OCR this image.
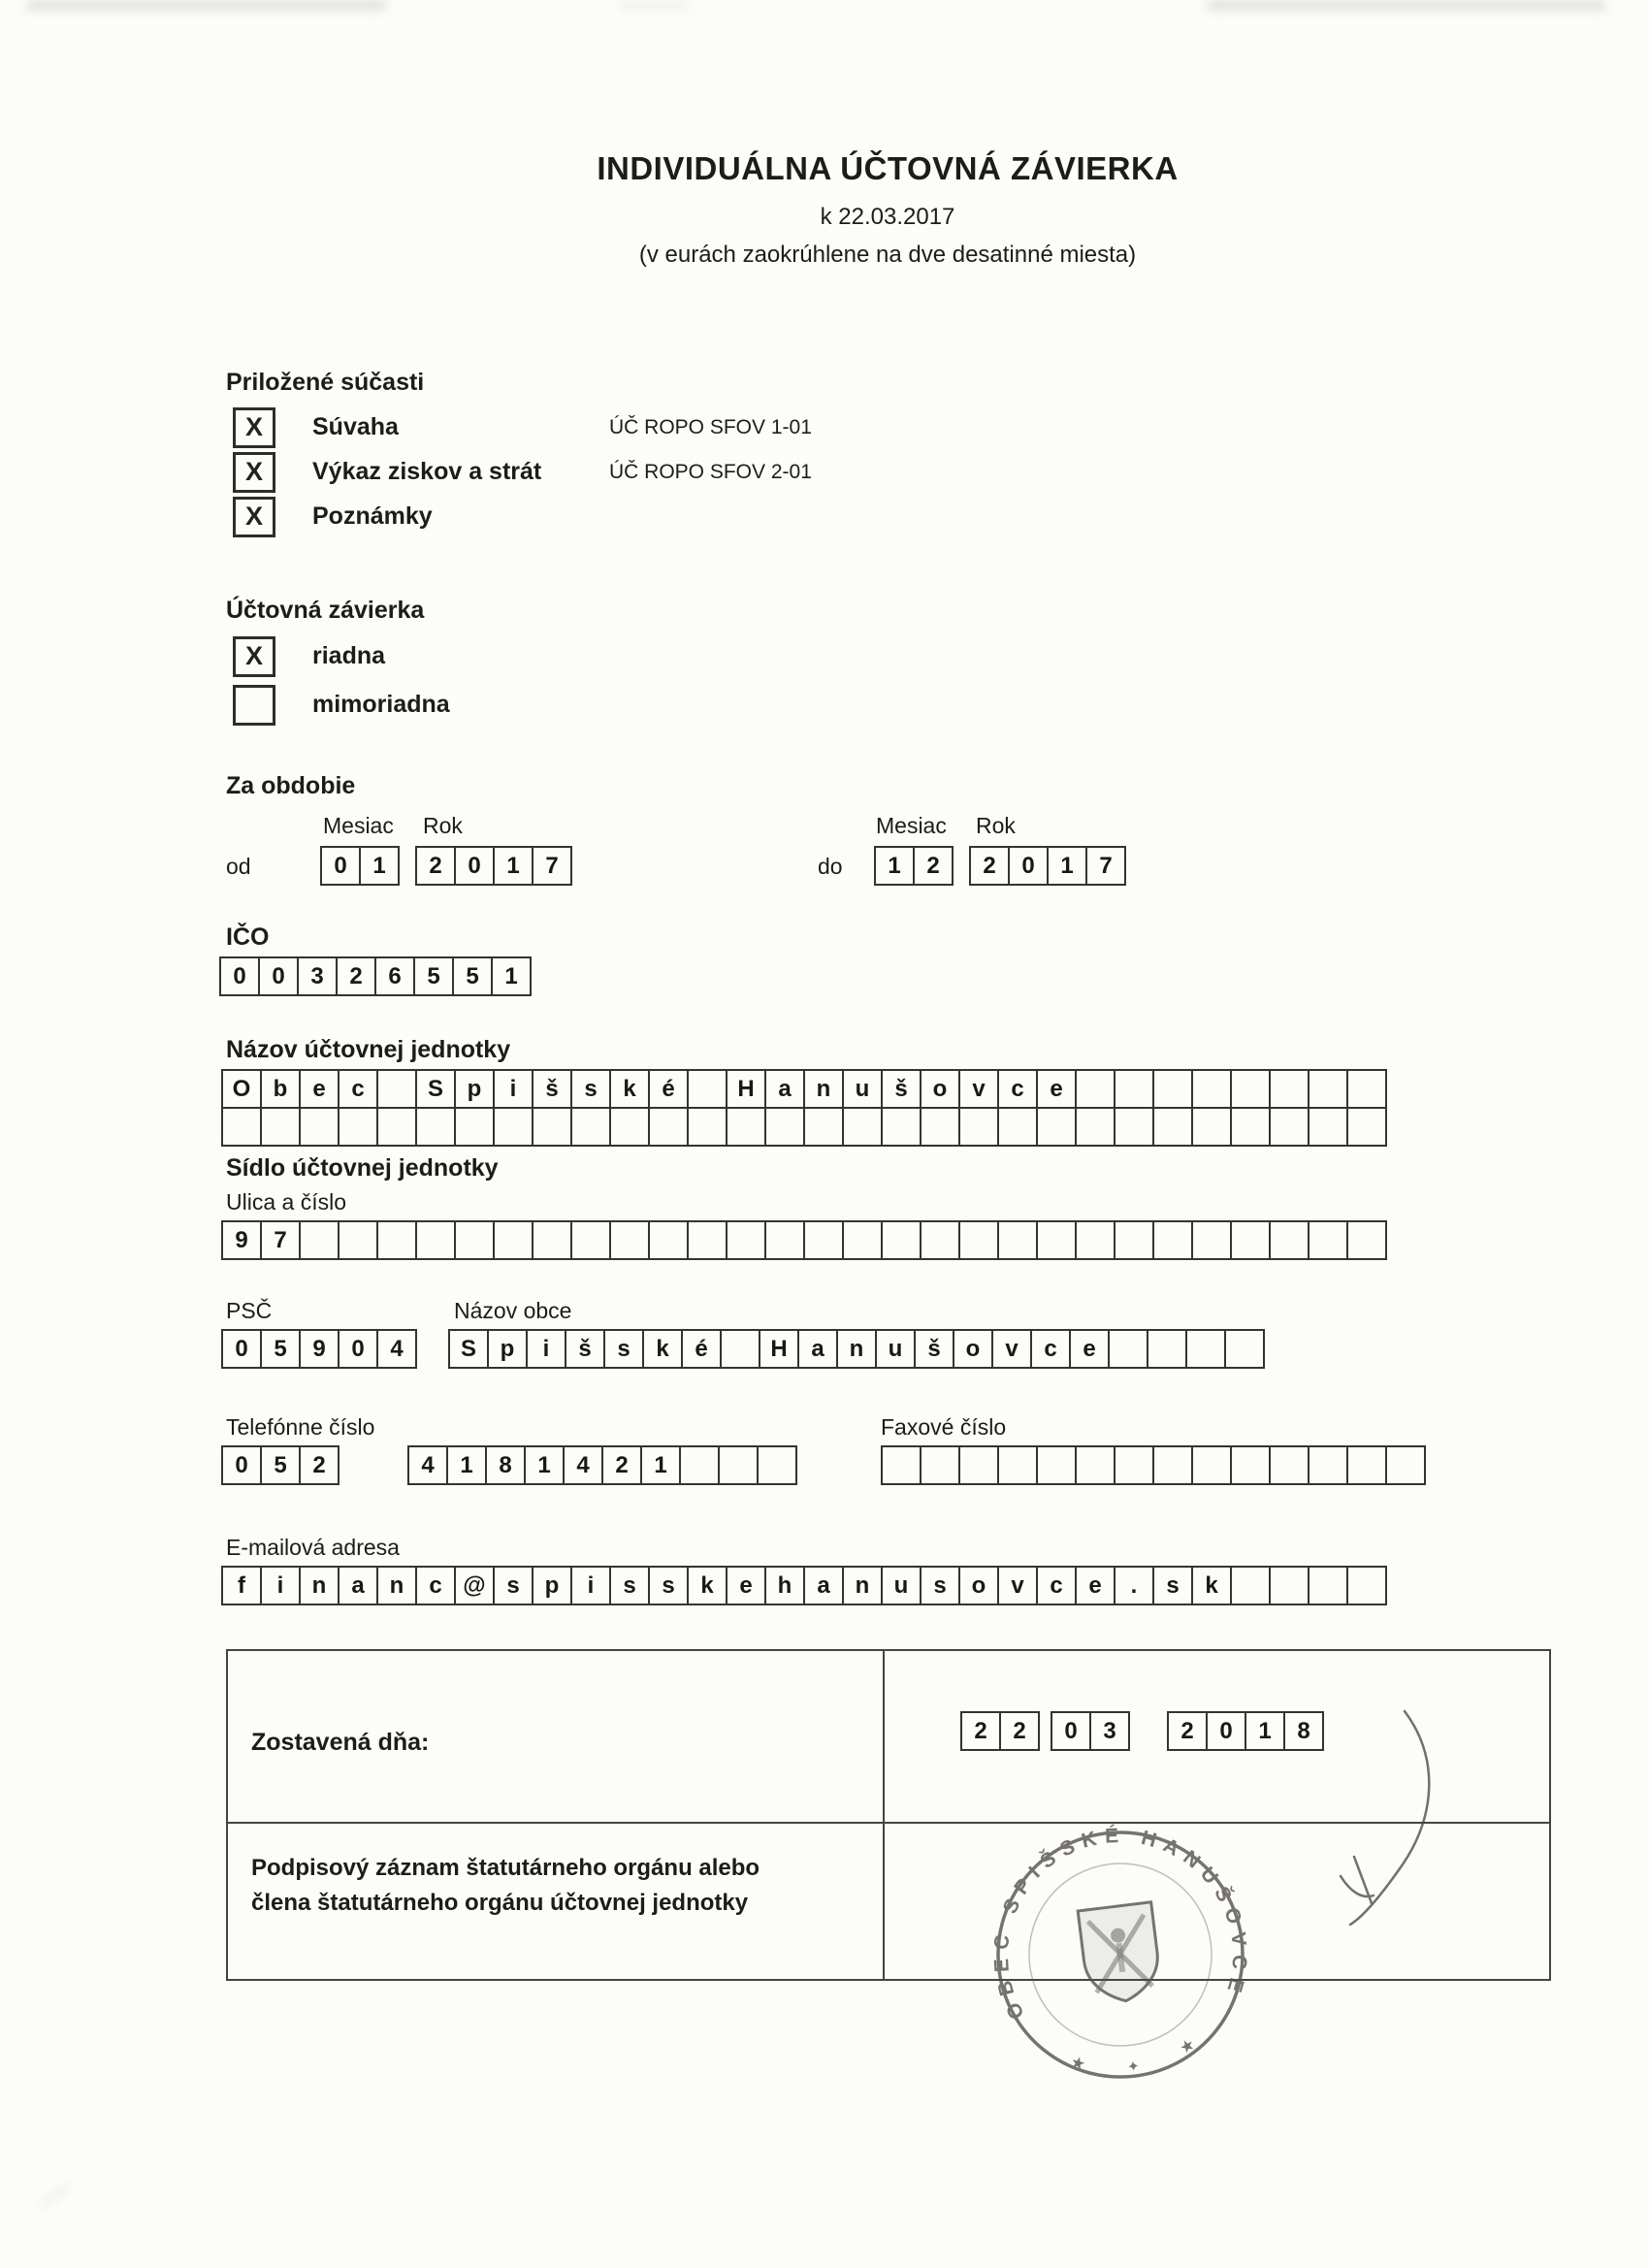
INDIVIDUÁLNA ÚČTOVNÁ ZÁVIERKA
k 22.03.2017
(v eurách zaokrúhlene na dve desatinné miesta)
Priložené súčasti
X	Súvaha	ÚČ ROPO SFOV 1-01
X	Výkaz ziskov a strát	ÚČ ROPO SFOV 2-01
X	Poznámky
Účtovná závierka
X	riadna
mimoriadna
Za obdobie
Mesiac Rok	Mesiac Rok
od	0	1	2	0	1	7	do	1	2	2	0	1	7
IČO
0	0	3	2	6	5	5	1
Názov účtovnej jednotky
O b	e	c	S	p	i	š	s	k	é	H	a	n	u	š	o	v	c	e
Sídlo účtovnej jednotky
Ulica a číslo
9	7
PSČ	Názov obce
0	5	9	0	4	S	p	i	š	s	k	é	H	a	n	u	š	o	v	c	e
Telefónne číslo	Faxové číslo
0	5	2	4	1	8	1	4	2	1
E-mailová adresa
f	i	n	a	n	c @ s	p	i	s	s	k	e	h	a	n	u	s	o	v	c	e	.	s	k
Zostavená dňa:	2	2	0	3	2	0	1	8
Podpisový záznam štatutárneho orgánu alebo
člena štatutárneho orgánu účtovnej jednotky
OBEC SPIŠSKÉ HANUŠOVCE
★
★
✦
